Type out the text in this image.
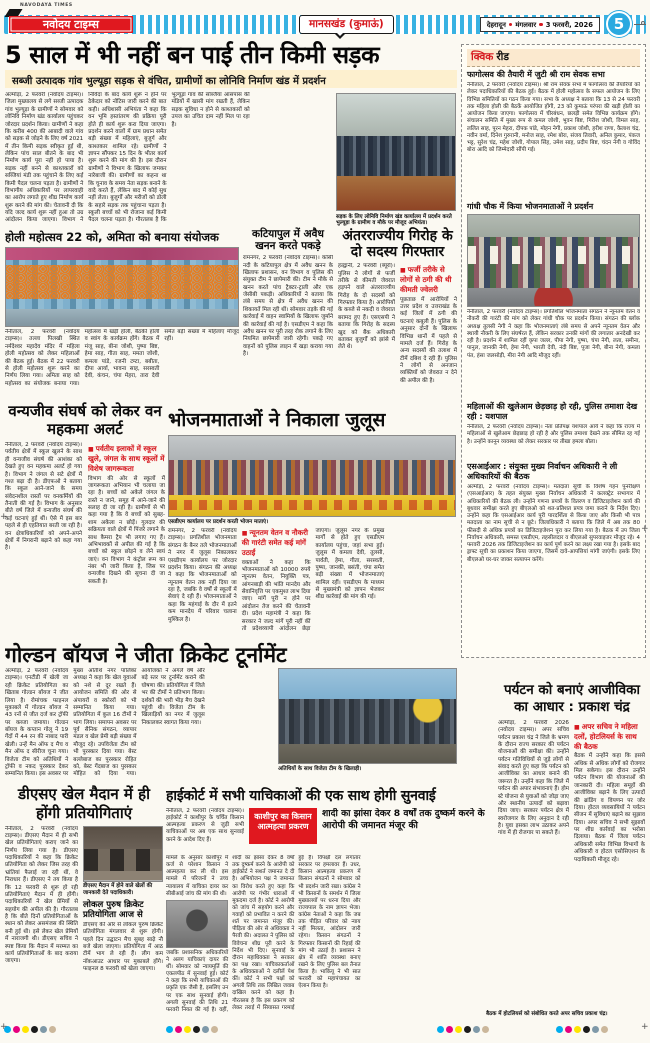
NAVODAYA TIMES
नवोदय टाइम्स	मानसखंड (कुमाऊं)	देहरादून मंगलवार 3 फरवरी, 2026	5
5 साल में भी नहीं बन पाई तीन किमी सड़क
सब्जी उत्पादक गांव भुल्यूड़ा सड़क से वंचित, ग्रामीणों का लोनिवि निर्माण खंड में प्रदर्शन
अल्मोड़ा, 2 फरवरी (नवोदय टाइम्स)। जिला मुख्यालय से लगे सब्जी उत्पादक गांव भुल्यूड़ा के ग्रामीणों ने सोमवार को लोनिवि निर्माण खंड कार्यालय पहुंचकर जोरदार प्रदर्शन किया। ग्रामीणों ने कहा कि करीब 400 की आबादी वाले गांव को सड़क से जोड़ने के लिए वर्ष 2021 में तीन किमी सड़क स्वीकृत हुई थी, लेकिन पांच साल बीतने के बाद भी निर्माण कार्य पूरा नहीं हो पाया है। सड़क नहीं बनने से काश्तकारों को सब्जियां मंडी तक पहुंचाने के लिए कई किमी पैदल चलना पड़ता है। ग्रामीणों ने विभागीय अधिकारियों पर लापरवाही का आरोप लगाते हुए शीघ्र निर्माण कार्य शुरू करने की मांग की। चेतावनी दी कि यदि जल्द कार्य शुरू नहीं हुआ तो उग्र आंदोलन किया जाएगा। विभाग ने निविदा के बाद कार्य शुरू न होने पर ठेकेदार को नोटिस जारी करने की बात कही। अधिशासी अभियंता ने कहा कि वन भूमि हस्तांतरण की प्रक्रिया पूरी होते ही कार्य शुरू करा दिया जाएगा। प्रदर्शन करने वालों में ग्राम प्रधान समेत बड़ी संख्या में महिलाएं, बुजुर्ग और काश्तकार शामिल रहे। ग्रामीणों ने ज्ञापन सौंपकर 15 दिन के भीतर कार्य शुरू करने की मांग की है। इस दौरान ग्रामीणों ने विभाग के खिलाफ जमकर नारेबाजी की। ग्रामीणों का कहना था कि चुनाव के समय नेता सड़क बनाने के वादे करते हैं, लेकिन बाद में कोई सुध नहीं लेता। बुजुर्गों और मरीजों को डोली के सहारे सड़क तक पहुंचाना पड़ता है। स्कूली बच्चों को भी रोजाना कई किमी पैदल चलना पड़ता है। गौरतलब है कि भुल्यूड़ा गांव की सब्जियां आसपास की मंडियों में खासी मांग रखती हैं, लेकिन सड़क सुविधा न होने से काश्तकारों को उपज का उचित दाम नहीं मिल पा रहा है।
सड़क के लिए लोनिवि निर्माण खंड कार्यालय में प्रदर्शन करते भुल्यूड़ा के ग्रामीण व मौके पर मौजूद अभियंता।
क्विक रीड
फागोत्सव की तैयारी में जुटी श्री राम सेवक सभा
नैनीताल, 2 फरवरी (नवोदय टाइम्स)। श्री राम सेवक सभा में फागोत्सव की तैयारियों को लेकर पदाधिकारियों की बैठक हुई। बैठक में होली महोत्सव के सफल आयोजन के लिए विभिन्न समितियों का गठन किया गया। सभा के अध्यक्ष ने बताया कि 13 से 24 फरवरी तक महिला होली की बैठकें आयोजित होंगी, 23 को कुमाऊं परंपरा की खड़ी होली का आयोजन किया जाएगा। फागोत्सव में चीरबंधन, छलड़ी समेत विभिन्न कार्यक्रम होंगे। संचालन समिति में मुख्य रूप से कमल जोशी, भुवन बिष्ट, गिरीश जोशी, विमल साह, ललित साह, पूरन मेहरा, दीपक पांडे, मोहन नेगी, प्रकाश जोशी, हरीश राणा, कैलाश चंद्र, नवीन वर्मा, दिनेश गुरुरानी, मनोज साह, रमेश बोरा, संजय तिवारी, अनिल कुमार, पंकज भट्ट, सुरेश चंद्र, महेश जोशी, गोपाल सिंह, उमेश साह, प्रदीप बिष्ट, चंदन नेगी व गोविंद बोरा आदि को जिम्मेदारी सौंपी गई।
गांधी चौक में किया भोजनमाताओं ने प्रदर्शन
नैनीताल, 2 फरवरी (नवोदय टाइम्स)। प्रगतिशील भोजनमाता संगठन ने न्यूनतम वेतन व नौकरी की गारंटी की मांग को लेकर गांधी चौक पर प्रदर्शन किया। संगठन की ब्लॉक अध्यक्ष तुलसी नेगी ने कहा कि भोजनमाताएं लंबे समय से अपने न्यूनतम वेतन और स्थायी नौकरी के लिए संघर्षरत हैं, लेकिन सरकार उनकी मांगों की लगातार अनदेखी कर रही है। प्रदर्शन में शामिल रहीं कृपा जल्ल, पीपा नेगी, पुष्पा, चंपा नेगी, लता, समीना, पानुल, जानकी नेगी, हेमा नेगी, भारती देवी, नंदी बिष्ट, पूजा नेगी, बीना नेगी, कमला पंत, हंसा जलसोड़ी, मीरा नेगी आदि मौजूद रहीं।
महिलाओं की खुलेआम छेड़छाड़ हो रही, पुलिस तमाशा देख रही : यशपाल
नैनीताल, 2 फरवरी (नवोदय टाइम्स)। नेता प्रतिपक्ष यशपाल आर्य ने कहा कि राज्य में महिलाओं से खुलेआम छेड़छाड़ हो रही है और पुलिस तमाशा देखने तक सीमित रह गई है। उन्होंने कानून व्यवस्था को लेकर सरकार पर तीखा हमला बोला।
एसआईआर : संयुक्त मुख्य निर्वाचन अधिकारी ने ली अधिकारियों की बैठक
अल्मोड़ा, 2 फरवरी (नवोदय टाइम्स)। मतदाता सूची के विशेष गहन पुनरीक्षण (एसआईआर) के तहत संयुक्त मुख्य निर्वाचन अधिकारी ने कलक्ट्रेट सभागार में अधिकारियों की बैठक ली। उन्होंने गणना प्रपत्रों के वितरण व डिजिटाइजेशन कार्य की बूथवार समीक्षा करते हुए बीएलओ को शत-प्रतिशत प्रपत्र जमा कराने के निर्देश दिए। उन्होंने कहा कि एसआईआर कार्य पूरी पारदर्शिता से किया जाए और किसी भी पात्र मतदाता का नाम सूची से न छूटे। जिलाधिकारी ने बताया कि जिले में अब तक 80 फीसदी से अधिक प्रपत्रों का डिजिटाइजेशन पूरा कर लिया गया है। बैठक में उप जिला निर्वाचन अधिकारी, समस्त एसडीएम, तहसीलदार व बीएलओ सुपरवाइजर मौजूद रहे। 4 फरवरी 2026 तक डिजिटाइजेशन का कार्य पूर्ण करने का लक्ष्य रखा गया है। इसके बाद ड्राफ्ट सूची का प्रकाशन किया जाएगा, जिसमें दावे-आपत्तियां मांगी जाएंगी। इसके लिए बीएलओ घर-घर जाकर सत्यापन करेंगे।
होली महोत्सव 22 को, अमिता को बनाया संयोजक
नैनीताल, 2 फरवरी (नवोदय टाइम्स)। तल्ला पिलखी स्थित नर्मदेश्वर महादेव मंदिर में महिला होली महोत्सव को लेकर महिलाओं की बैठक हुई। बैठक में 22 फरवरी से होली महोत्सव शुरू करने का निर्णय लिया गया। अमिता साह को महोत्सव का संयोजक बनाया गया। महोत्सव में खड़ी होली, बैठकी होली व स्वांग के कार्यक्रम होंगे। बैठक में मंजू साह, बीना जोशी, पुष्पा बिष्ट, हेमा साह, गीता साह, ममता जोशी, कमला पांडे, रजनी टम्टा, बबीता, दीपा आर्या, भावना साह, सरस्वती देवी, कंचन, चंपा मेहरा, तारा देवी समेत बड़ी संख्या में महिलाएं मौजूद रहीं।
कटियापुल में अवैध खनन करते पकड़े
रामनगर, 2 फरवरी (नवोदय टाइम्स)। कोसी नदी के कटियापुल क्षेत्र में अवैध खनन के खिलाफ प्रशासन, वन विभाग व पुलिस की संयुक्त टीम ने छापेमारी की। टीम ने मौके से खनन करते पांच ट्रैक्टर-ट्राली और एक जेसीबी पकड़ी। अधिकारियों ने बताया कि लंबे समय से क्षेत्र में अवैध खनन की शिकायतें मिल रही थीं। सोमवार तड़के की गई कार्रवाई में वाहन स्वामियों के खिलाफ जुर्माने की कार्रवाई की गई है। एसडीएम ने कहा कि अवैध खनन पर पूरी तरह रोक लगाने के लिए नियमित छापेमारी जारी रहेगी। पकड़े गए वाहनों को पुलिस लाइन में खड़ा कराया गया है।
अंतरराज्यीय गिरोह के दो सदस्य गिरफ्तार
हल्द्वानी, 2 फरवरी (ब्यूरो)। पुलिस ने लोगों से फर्जी तरीके से कीमती जेवरात हड़पने वाले अंतरराज्यीय गिरोह के दो सदस्यों को गिरफ्तार किया है। आरोपियों के कब्जे से नकदी व जेवरात बरामद हुए हैं। एसएसपी ने बताया कि गिरोह के सदस्य खुद को बैंक अधिकारी बताकर बुजुर्गों को झांसे में लेते थे।
■ फर्जी तरीके से लोगों से ठगी की थी कीमती ज्वेलरी
पूछताछ में आरोपियों ने उत्तर प्रदेश व उत्तराखंड के कई जिलों में ठगी की घटनाएं कबूली हैं। पुलिस के अनुसार दोनों के खिलाफ विभिन्न थानों में पहले से मामले दर्ज हैं। गिरोह के अन्य सदस्यों की तलाश में टीमें दबिश दे रही हैं। पुलिस ने लोगों से अनजान व्यक्तियों को जेवरात न देने की अपील की है।
वन्यजीव संघर्ष को लेकर वन महकमा अलर्ट
नैनीताल, 2 फरवरी (नवोदय टाइम्स)। पर्वतीय क्षेत्रों में स्कूल खुलने के साथ ही वन्यजीव संघर्ष की आशंका को देखते हुए वन महकमा अलर्ट हो गया है। विभाग ने जंगल से सटे क्षेत्रों में गश्त बढ़ा दी है। डीएफओ ने बताया कि स्कूल आने-जाने के समय संवेदनशील रास्तों पर वनकर्मियों की तैनाती की गई है। विभाग के अनुसार बीते वर्ष जिले में वन्यजीव संघर्ष की कई घटनाएं हुई थीं। ऐसे में इस बार पहले से ही एहतियात बरती जा रही है। वन क्षेत्राधिकारियों को अपने-अपने क्षेत्रों में निगरानी बढ़ाने को कहा गया है।
■ पर्वतीय इलाकों में स्कूल खुले, जंगल के साथ स्कूलों में विशेष जागरूकता
विभाग की ओर से स्कूलों में जागरूकता अभियान भी चलाया जा रहा है। बच्चों को अकेले जंगल के रास्ते न जाने, समूह में आने-जाने की सलाह दी जा रही है। ग्रामीणों से भी कहा गया है कि वे बच्चों को सुबह-शाम अकेला न छोड़ें। गुलदार की सक्रियता वाले क्षेत्रों में पिंजरे लगाने के साथ कैमरा ट्रैप भी लगाए गए हैं। अभिभावकों से अपील की गई है कि बच्चों को स्कूल छोड़ने व लेने स्वयं जाएं। वन विभाग ने कंट्रोल रूम का नंबर भी जारी किया है, जिस पर वन्यजीव दिखने की सूचना दी जा सकती है।
भोजनमाताओं ने निकाला जुलूस
एसडीएम कार्यालय पर प्रदर्शन करती भोजन माताएं।
रामनगर, 2 फरवरी (नवोदय टाइम्स)। प्रगतिशील भोजनमाता संगठन के बैनर तले भोजनमाताओं ने नगर में जुलूस निकालकर एसडीएम कार्यालय पर जोरदार प्रदर्शन किया। संगठन की अध्यक्ष ने कहा कि भोजनमाताओं को न्यूनतम वेतन तक नहीं दिया जा रहा है, जबकि वे वर्षों से स्कूलों में सेवाएं दे रही हैं। भोजनमाताओं ने कहा कि महंगाई के दौर में इतने कम मानदेय में परिवार चलाना मुश्किल है।
■ न्यूनतम वेतन व नौकरी की गारंटी समेत कई मांगें उठाईं
वक्ताओं ने कहा कि भोजनमाताओं को 10000 रुपये न्यूनतम वेतन, नियुक्ति पत्र, आंगनबाड़ी की भांति मानदेय और सेवानिवृत्ति पर एकमुश्त लाभ दिया जाए। मांगें पूरी न होने पर आंदोलन तेज करने की चेतावनी दी। प्रदेश महामंत्री ने कहा कि सरकार ने जल्द मांगें पूरी नहीं कीं तो प्रदेशव्यापी आंदोलन छेड़ा जाएगा। जुलूस नगर के प्रमुख मार्गों से होते हुए एसडीएम कार्यालय पहुंचा, जहां सभा हुई। जुलूस में कमला देवी, तुलसी, पार्वती, हेमा, गीता, सरस्वती, पुष्पा, जानकी, बसंती, चंपा समेत बड़ी संख्या में भोजनमाताएं शामिल रहीं। एसडीएम के माध्यम से मुख्यमंत्री को ज्ञापन भेजकर शीघ्र कार्रवाई की मांग की गई।
गोल्डन बॉयज ने जीता क्रिकेट टूर्नामेंट
अल्मोड़ा, 2 फरवरी (नवोदय टाइम्स)। एनटीडी में खेली जा रही क्रिकेट प्रतियोगिता का खिताब गोल्डन बॉयज ने जीत लिया है। रोमांचक फाइनल मुकाबले में गोल्डन बॉयज ने 43 रनों से जीत दर्ज कर ट्रॉफी पर कब्जा जमाया। गोल्डन बॉयज के कप्तान गोलू ने 19 गेंदों में 44 रन की नाबाद पारी खेली। उन्हें मैन ऑफ द मैच व मैन ऑफ द सीरीज चुना गया। विजेता टीम को अतिथियों ने ट्रॉफी व नकद पुरस्कार देकर सम्मानित किया। इस अवसर पर मुख्य अतिथि नगर पालिका अध्यक्ष ने कहा कि खेल युवाओं को नशे से दूर रखते हैं। आयोजन समिति की ओर से अंपायरों व स्कोररों को भी सम्मानित किया गया। प्रतियोगिता में कुल 16 टीमों ने भाग लिया। समापन अवसर पर पूर्व सैनिक संगठन, व्यापार मंडल व खेल प्रेमी बड़ी संख्या में मौजूद रहे। उपविजेता टीम को भी पुरस्कार दिया गया। बेस्ट बल्लेबाज का पुरस्कार रोहित को, बेस्ट गेंदबाज का पुरस्कार मोहित को दिया गया। आयोजकों ने अगले वर्ष और बड़े स्तर पर टूर्नामेंट कराने की घोषणा की। प्रतियोगिता में जिले भर की टीमों ने प्रतिभाग किया। दर्शकों की भारी भीड़ मैच देखने पहुंची थी। विजेता टीम के खिलाड़ियों का नगर में जुलूस निकालकर स्वागत किया गया।
अतिथियों के साथ विजेता टीम के खिलाड़ी।
डीएसए खेल मैदान में ही होंगी प्रतियोगिताएं
नैनीताल, 2 फरवरी (नवोदय टाइम्स)। डीएसए मैदान में ही सभी खेल प्रतियोगिताएं कराए जाने का निर्णय लिया गया है। डीएसए पदाधिकारियों ने कहा कि क्रिकेट प्रतियोगिता को लेकर जिस तरह की भ्रांतियां फैलाई जा रही थीं, वे निराधार हैं। डीएसए ने तय किया है कि 12 फरवरी से शुरू हो रही प्रतियोगिताएं मैदान में ही होंगी। पदाधिकारियों ने खेल प्रेमियों से सहयोग की अपील की है। गौरतलब है कि बीते दिनों प्रतियोगिताओं के स्थान को लेकर असमंजस की स्थिति बनी हुई थी। इसे लेकर खेल प्रेमियों में नाराजगी थी। डीएसए सचिव ने स्पष्ट किया कि मैदान में मरम्मत का कार्य प्रतियोगिताओं के बाद कराया जाएगा।
डीएसए मैदान में होने वाले खेलों की जानकारी देते पदाधिकारी।
लोकल पुरुष क्रिकेट प्रतियोगिता आज से
डीएसए की ओर से लोकल पुरुष क्रिकेट प्रतियोगिता मंगलवार से शुरू होगी। पहले दिन उद्घाटन मैच सुबह साढ़े नौ बजे खेला जाएगा। प्रतियोगिता में आठ टीमें भाग ले रही हैं। लीग कम नॉकआउट आधार पर मुकाबले होंगे। फाइनल 8 फरवरी को खेला जाएगा।
हाईकोर्ट में सभी याचिकाओं की एक साथ होगी सुनवाई
नैनीताल, 2 फरवरी (नवोदय टाइम्स)। हाईकोर्ट ने काशीपुर के चर्चित किसान आत्महत्या प्रकरण से जुड़ी सभी याचिकाओं पर अब एक साथ सुनवाई करने के आदेश दिए हैं।
काशीपुर का किसान आत्महत्या प्रकरण
शादी का झांसा देकर 8 वर्षों तक दुष्कर्म करने के आरोपी की जमानत मंजूर की
मामले के अनुसार काशीपुर में कर्ज से परेशान किसान ने आत्महत्या कर ली थी। इस मामले में परिजनों ने उच्च न्यायालय में याचिका दायर कर सीबीआई जांच की मांग की थी।
जबकि प्रशासनिक अधिकारियों ने अलग याचिकाएं दायर की थीं। सोमवार को न्यायमूर्ति की एकलपीठ में सुनवाई हुई। कोर्ट ने कहा कि सभी याचिकाओं की प्रकृति एक जैसी है, इसलिए उन पर एक साथ सुनवाई होगी। अगली सुनवाई की तिथि 21 फरवरी नियत की गई है। वहीं, शादी का झांसा देकर 8 वर्षों तक दुष्कर्म करने के आरोपी को हाईकोर्ट ने सशर्त जमानत दे दी है। अभियोजन पक्ष ने जमानत का विरोध करते हुए कहा कि आरोपी पर गंभीर धाराओं में मुकदमा दर्ज है। कोर्ट ने आरोपी को जांच में सहयोग करने और गवाहों को प्रभावित न करने की शर्त पर जमानत मंजूर की। पीड़िता की ओर से अधिवक्ता ने पैरवी की। अदालत ने पुलिस को विवेचना शीघ्र पूरी करने के निर्देश भी दिए। सुनवाई के दौरान महाधिवक्ता ने सरकार का पक्ष रखा। याचिकाकर्ताओं के अधिवक्ताओं ने दलीलें पेश कीं। कोर्ट ने सभी पक्षों को अगली तिथि तक लिखित जवाब दाखिल करने को कहा है। गौरतलब है कि इस प्रकरण को लेकर तराई में सियासत गरमाई हुई है। विपक्षी दल लगातार सरकार पर हमलावर हैं। उधर, किसान आत्महत्या प्रकरण में किसान संगठनों ने सोमवार को भी प्रदर्शन जारी रखा। कांग्रेस ने भी किसानों के समर्थन में जिला मुख्यालयों पर धरना दिया और राज्यपाल के नाम ज्ञापन भेजा। कांग्रेस नेताओं ने कहा कि जब तक पीड़ित परिवार को न्याय नहीं मिलता, आंदोलन जारी रहेगा। किसान संगठनों ने गिरफ्तार किसानों की रिहाई की मांग भी उठाई है। प्रशासन ने क्षेत्र में शांति व्यवस्था बनाए रखने के लिए पुलिस बल तैनात किया है। भाकियू ने भी सात फरवरी को महापंचायत का ऐलान किया है।
पर्यटन को बनाएं आजीविका का आधार : प्रकाश चंद्र
अल्मोड़ा, 2 फरवरी 2026 (नवोदय टाइम्स)। अपर सचिव पर्यटन प्रकाश चंद्र ने जिले के भ्रमण के दौरान राज्य सरकार की पर्यटन योजनाओं की समीक्षा की। उन्होंने पर्यटन गतिविधियों से जुड़े लोगों से संवाद करते हुए कहा कि पर्यटन को आजीविका का आधार बनाने की जरूरत है। उन्होंने कहा कि जिले में पर्यटन की अपार संभावनाएं हैं। होम स्टे योजना से युवाओं को जोड़ा जाए और स्थानीय उत्पादों को बढ़ावा दिया जाए। सरकार पर्यटन क्षेत्र में स्वरोजगार के लिए अनुदान दे रही है। युवा इसका लाभ उठाकर अपने गांव में ही रोजगार पा सकते हैं।
■ अपर सचिव ने महिला दलों, होटलियर्स के साथ की बैठक
बैठक में उन्होंने कहा कि इससे अधिक से अधिक लोगों को रोजगार मिल सकेगा। इस दौरान उन्होंने पर्यटन विभाग की योजनाओं की जानकारी दी। महिला समूहों की आजीविका बढ़ाने के लिए उत्पादों की ब्रांडिंग व विपणन पर जोर दिया। होटल व्यवसायियों ने पर्यटन सीजन में सुविधाएं बढ़ाने का सुझाव दिया। अपर सचिव ने सभी सुझावों पर शीघ्र कार्रवाई का भरोसा दिलाया। बैठक में जिला पर्यटन अधिकारी समेत विभिन्न विभागों के अधिकारी व होटल एसोसिएशन के पदाधिकारी मौजूद रहे।
बैठक में होटलियर्स को संबोधित करते अपर सचिव प्रकाश चंद्र।
+
+
+
+
